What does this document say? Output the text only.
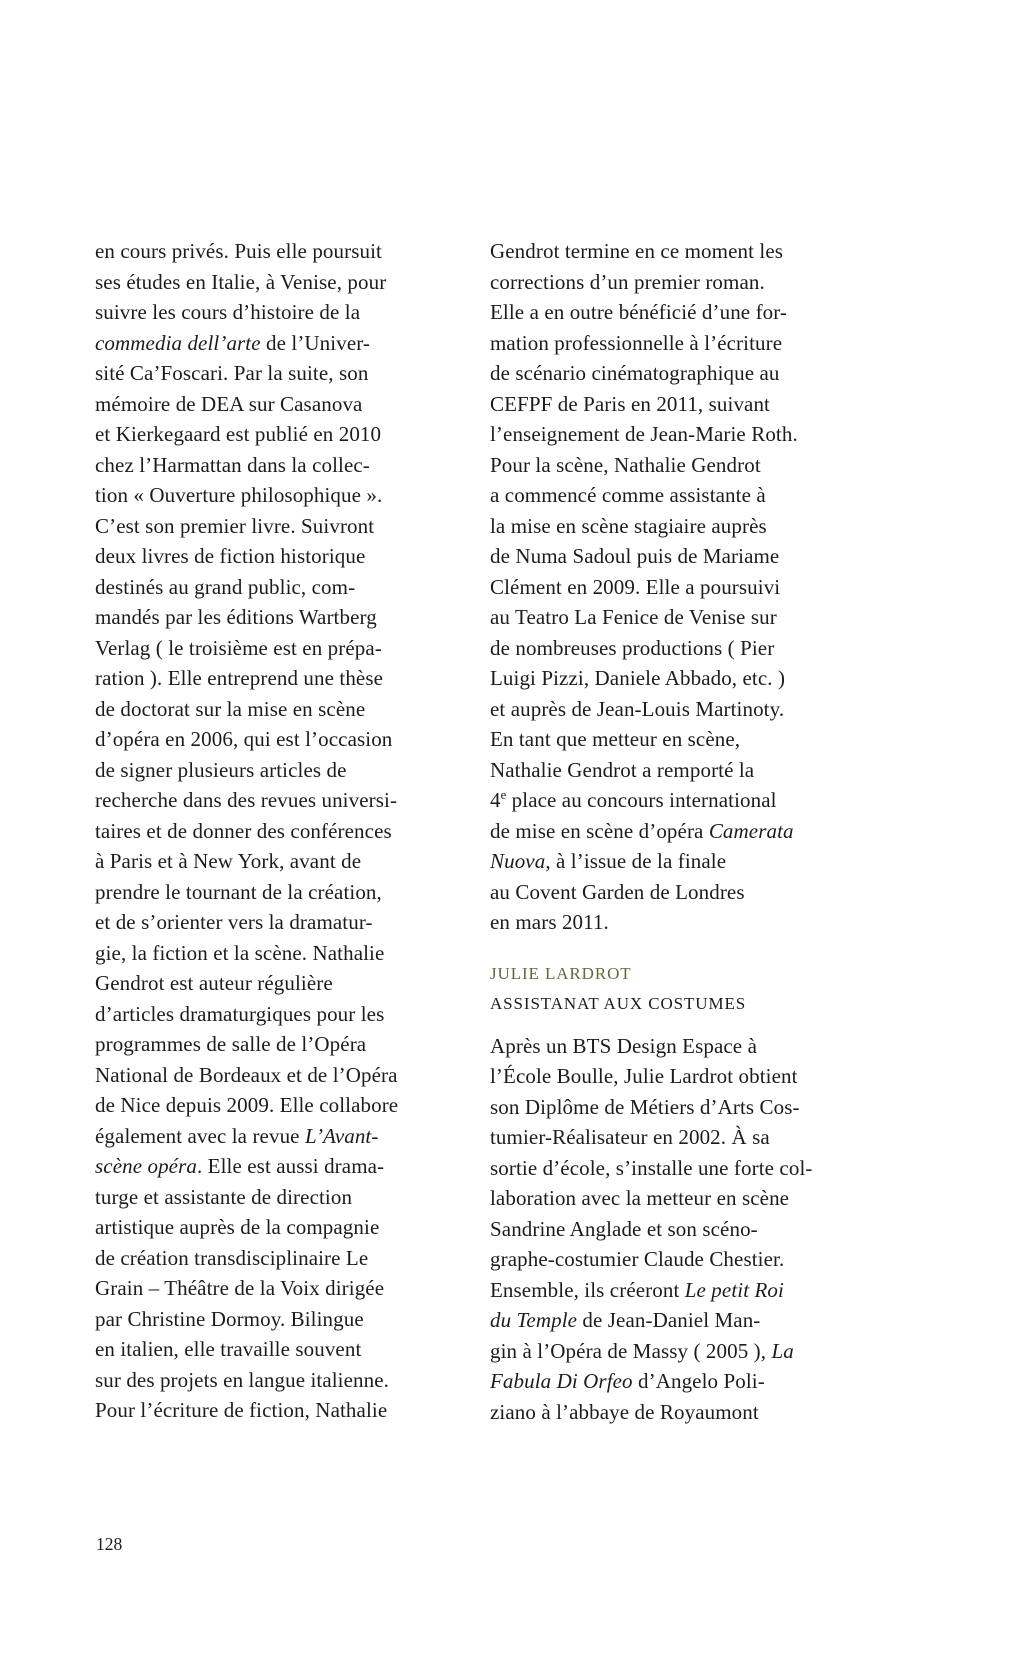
en cours privés. Puis elle poursuit
ses études en Italie, à Venise, pour
suivre les cours d’histoire de la
commedia dell’arte de l’Univer-
sité Ca’Foscari. Par la suite, son
mémoire de DEA sur Casanova
et Kierkegaard est publié en 2010
chez l’Harmattan dans la collec-
tion « Ouverture philosophique ».
C’est son premier livre. Suivront
deux livres de fiction historique
destinés au grand public, com-
mandés par les éditions Wartberg
Verlag ( le troisième est en prépa-
ration ). Elle entreprend une thèse
de doctorat sur la mise en scène
d’opéra en 2006, qui est l’occasion
de signer plusieurs articles de
recherche dans des revues universi-
taires et de donner des conférences
à Paris et à New York, avant de
prendre le tournant de la création,
et de s’orienter vers la dramatur-
gie, la fiction et la scène. Nathalie
Gendrot est auteur régulière
d’articles dramaturgiques pour les
programmes de salle de l’Opéra
National de Bordeaux et de l’Opéra
de Nice depuis 2009. Elle collabore
également avec la revue L’Avant-
scène opéra. Elle est aussi drama-
turge et assistante de direction
artistique auprès de la compagnie
de création transdisciplinaire Le
Grain – Théâtre de la Voix dirigée
par Christine Dormoy. Bilingue
en italien, elle travaille souvent
sur des projets en langue italienne.
Pour l’écriture de fiction, Nathalie
Gendrot termine en ce moment les
corrections d’un premier roman.
Elle a en outre bénéficié d’une for-
mation professionnelle à l’écriture
de scénario cinématographique au
CEFPF de Paris en 2011, suivant
l’enseignement de Jean-Marie Roth.
Pour la scène, Nathalie Gendrot
a commencé comme assistante à
la mise en scène stagiaire auprès
de Numa Sadoul puis de Mariame
Clément en 2009. Elle a poursuivi
au Teatro La Fenice de Venise sur
de nombreuses productions ( Pier
Luigi Pizzi, Daniele Abbado, etc. )
et auprès de Jean-Louis Martinoty.
En tant que metteur en scène,
Nathalie Gendrot a remporté la
4e place au concours international
de mise en scène d’opéra Camerata
Nuova, à l’issue de la finale
au Covent Garden de Londres
en mars 2011.
JULIE LARDROT
ASSISTANAT AUX COSTUMES
Après un BTS Design Espace à
l’École Boulle, Julie Lardrot obtient
son Diplôme de Métiers d’Arts Cos-
tumier-Réalisateur en 2002. À sa
sortie d’école, s’installe une forte col-
laboration avec la metteur en scène
Sandrine Anglade et son scéno-
graphe-costumier Claude Chestier.
Ensemble, ils créeront Le petit Roi
du Temple de Jean-Daniel Man-
gin à l’Opéra de Massy ( 2005 ), La
Fabula Di Orfeo d’Angelo Poli-
ziano à l’abbaye de Royaumont
128
